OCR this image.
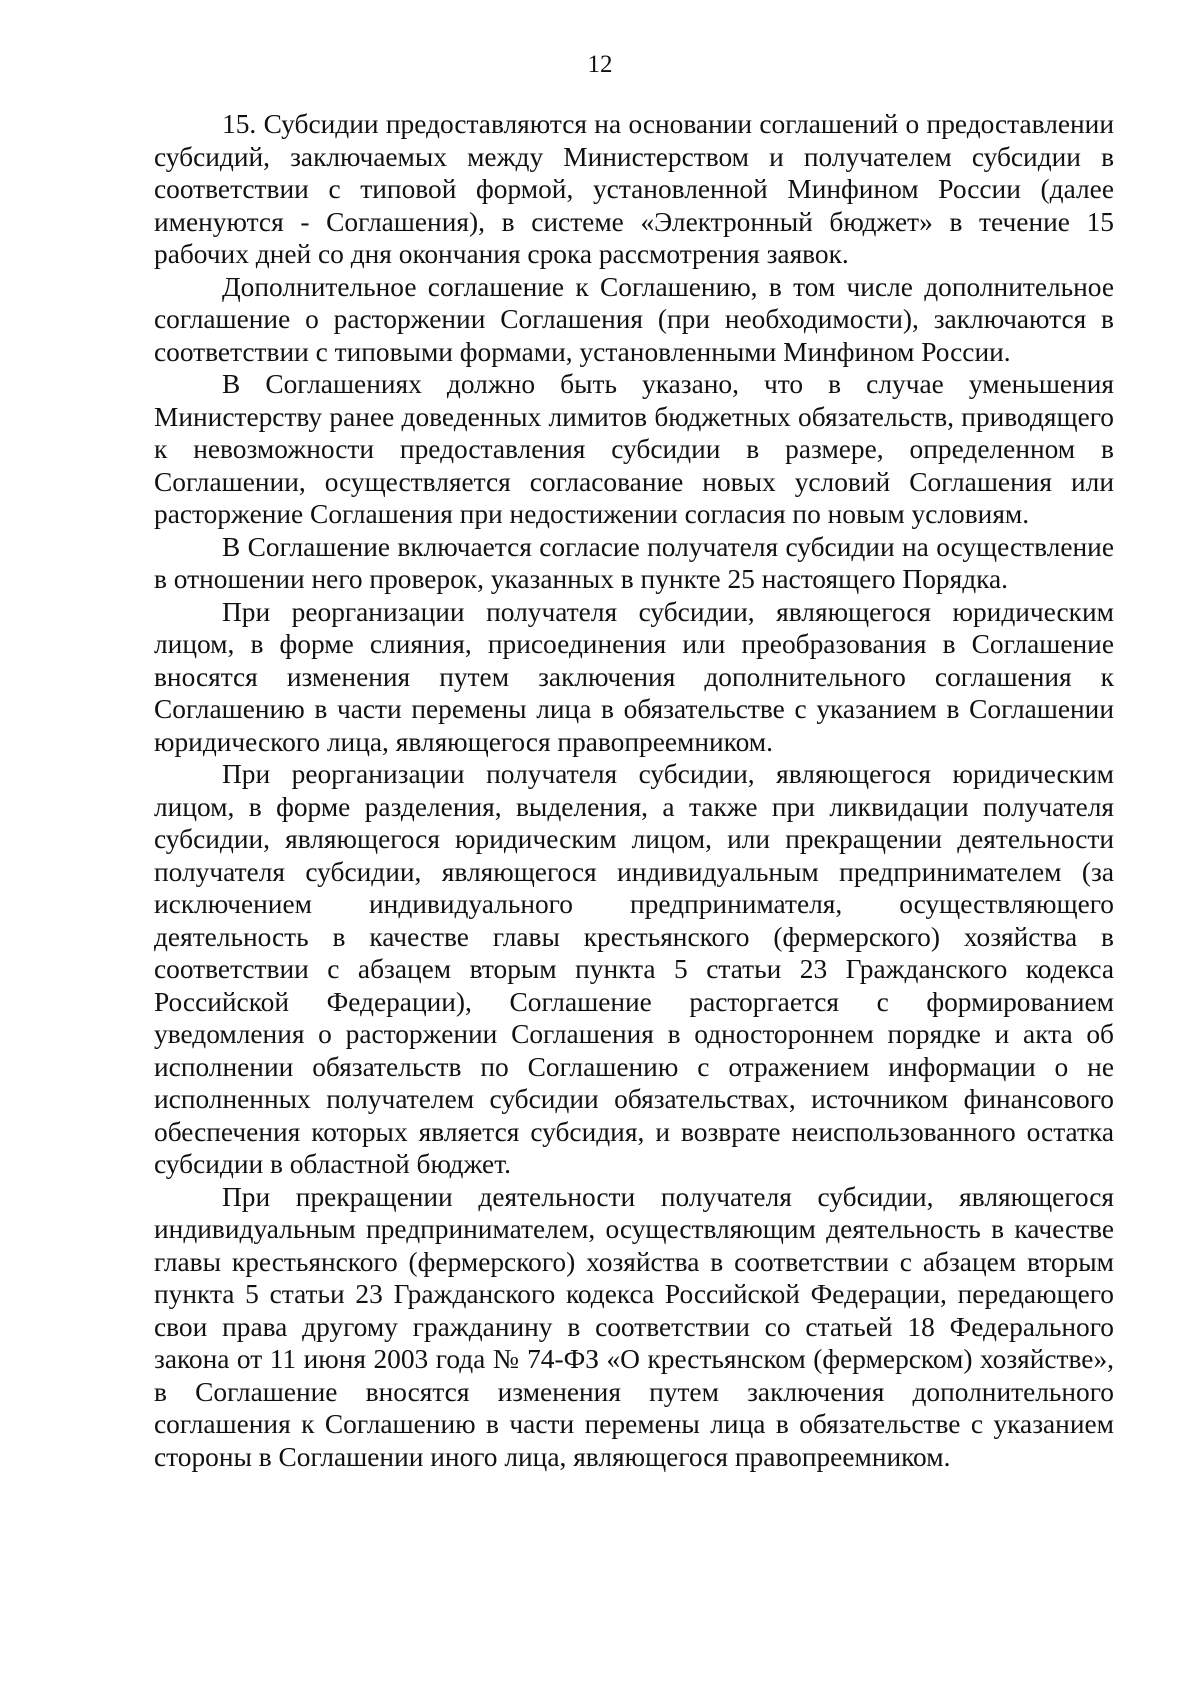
12

15. Субсидии предоставляются на основании соглашений о предоставлении субсидий, заключаемых между Министерством и получателем субсидии в соответствии с типовой формой, установленной Минфином России (далее именуются - Соглашения), в системе «Электронный бюджет» в течение 15 рабочих дней со дня окончания срока рассмотрения заявок.

Дополнительное соглашение к Соглашению, в том числе дополнительное соглашение о расторжении Соглашения (при необходимости), заключаются в соответствии с типовыми формами, установленными Минфином России.

В Соглашениях должно быть указано, что в случае уменьшения Министерству ранее доведенных лимитов бюджетных обязательств, приводящего к невозможности предоставления субсидии в размере, определенном в Соглашении, осуществляется согласование новых условий Соглашения или расторжение Соглашения при недостижении согласия по новым условиям.

В Соглашение включается согласие получателя субсидии на осуществление в отношении него проверок, указанных в пункте 25 настоящего Порядка.

При реорганизации получателя субсидии, являющегося юридическим лицом, в форме слияния, присоединения или преобразования в Соглашение вносятся изменения путем заключения дополнительного соглашения к Соглашению в части перемены лица в обязательстве с указанием в Соглашении юридического лица, являющегося правопреемником.

При реорганизации получателя субсидии, являющегося юридическим лицом, в форме разделения, выделения, а также при ликвидации получателя субсидии, являющегося юридическим лицом, или прекращении деятельности получателя субсидии, являющегося индивидуальным предпринимателем (за исключением индивидуального предпринимателя, осуществляющего деятельность в качестве главы крестьянского (фермерского) хозяйства в соответствии с абзацем вторым пункта 5 статьи 23 Гражданского кодекса Российской Федерации), Соглашение расторгается с формированием уведомления о расторжении Соглашения в одностороннем порядке и акта об исполнении обязательств по Соглашению с отражением информации о не исполненных получателем субсидии обязательствах, источником финансового обеспечения которых является субсидия, и возврате неиспользованного остатка субсидии в областной бюджет.

При прекращении деятельности получателя субсидии, являющегося индивидуальным предпринимателем, осуществляющим деятельность в качестве главы крестьянского (фермерского) хозяйства в соответствии с абзацем вторым пункта 5 статьи 23 Гражданского кодекса Российской Федерации, передающего свои права другому гражданину в соответствии со статьей 18 Федерального закона от 11 июня 2003 года № 74-ФЗ «О крестьянском (фермерском) хозяйстве», в Соглашение вносятся изменения путем заключения дополнительного соглашения к Соглашению в части перемены лица в обязательстве с указанием стороны в Соглашении иного лица, являющегося правопреемником.
